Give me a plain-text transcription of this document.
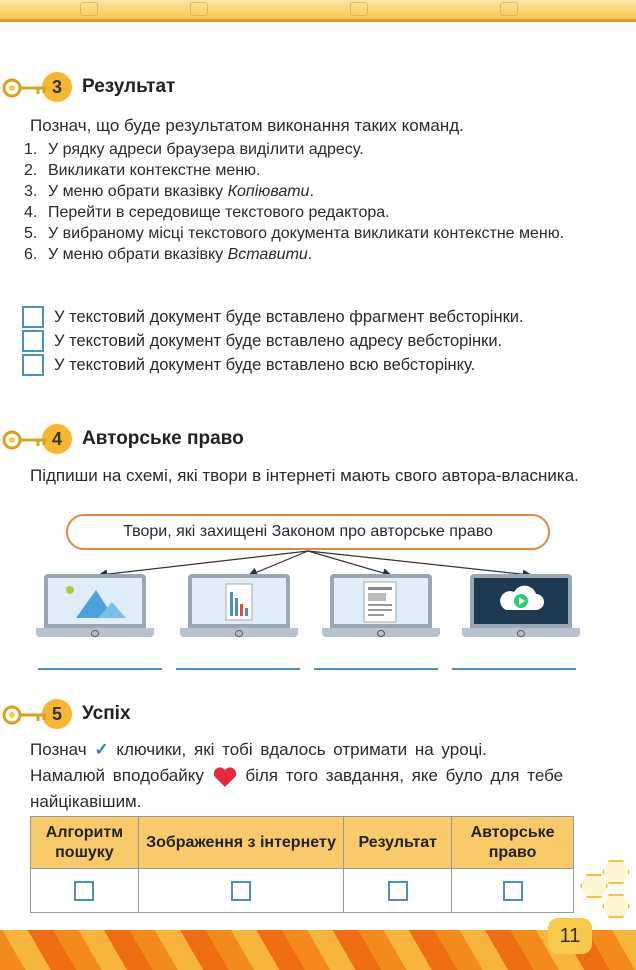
3	Результат
Познач, що буде результатом виконання таких команд.
1. У рядку адреси браузера виділити адресу.
2. Викликати контекстне меню.
3. У меню обрати вказівку Копіювати.
4. Перейти в середовище текстового редактора.
5. У вибраному місці текстового документа викликати контекстне меню.
6. У меню обрати вказівку Вставити.
У текстовий документ буде вставлено фрагмент вебсторінки.
У текстовий документ буде вставлено адресу вебсторінки.
У текстовий документ буде вставлено всю вебсторінку.
4	Авторське право
Підпиши на схемі, які твори в інтернеті мають свого автора-власника.
Твори, які захищені Законом про авторське право
5	Успіх
Познач ✓ ключики, які тобі вдалось отримати на уроці.
Намалюй вподобайку біля того завдання, яке було для тебе найцікавішим.
Алгоритм пошуку	Зображення з інтернету	Результат	Авторське право

11
